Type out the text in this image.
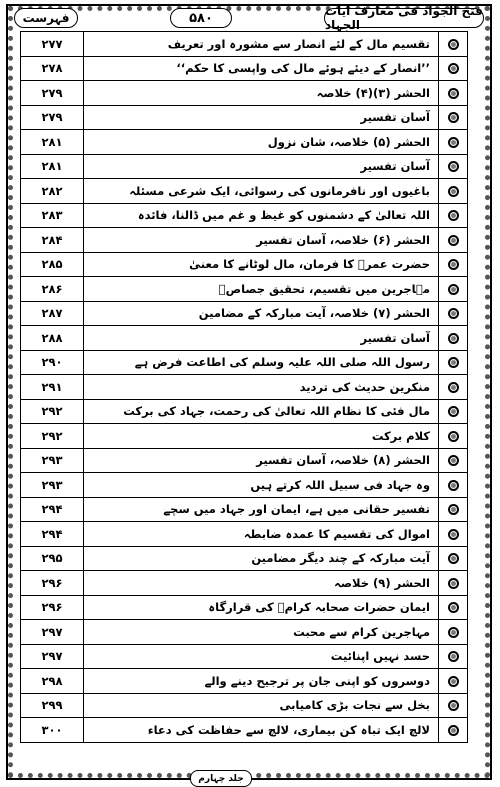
فہرست	۵۸۰	فتح الجواد فی معارف آیات الجہاد
۲۷۷	تقسیم مال کے لئے انصار سے مشورہ اور تعریف	
۲۷۸	’’انصار کے دیئے ہوئے مال کی واپسی کا حکم‘‘	
۲۷۹	الحشر (۳)(۴) خلاصہ	
۲۷۹	آسان تفسیر	
۲۸۱	الحشر (۵) خلاصہ، شان نزول	
۲۸۱	آسان تفسیر	
۲۸۲	باغیوں اور نافرمانوں کی رسوائی، ایک شرعی مسئلہ	
۲۸۳	اللہ تعالیٰ کے دشمنوں کو غیظ و غم میں ڈالنا، فائدہ	
۲۸۴	الحشر (۶) خلاصہ، آسان تفسیر	
۲۸۵	حضرت عمرؓ کا فرمان، مال لوٹانے کا معنیٰ	
۲۸۶	مہاجرین میں تقسیم، تحقیق جصاصؒ	
۲۸۷	الحشر (۷) خلاصہ، آیت مبارکہ کے مضامین	
۲۸۸	آسان تفسیر	
۲۹۰	رسول اللہ صلی اللہ علیہ وسلم کی اطاعت فرض ہے	
۲۹۱	منکرین حدیث کی تردید	
۲۹۲	مال فئی کا نظام اللہ تعالیٰ کی رحمت، جہاد کی برکت	
۲۹۲	کلام برکت	
۲۹۳	الحشر (۸) خلاصہ، آسان تفسیر	
۲۹۳	وہ جہاد فی سبیل اللہ کرتے ہیں	
۲۹۴	تفسیر حقانی میں ہے، ایمان اور جہاد میں سچے	
۲۹۴	اموال کی تقسیم کا عمدہ ضابطہ	
۲۹۵	آیت مبارکہ کے چند دیگر مضامین	
۲۹۶	الحشر (۹) خلاصہ	
۲۹۶	ایمان حضرات صحابہ کرامؓ کی قرارگاہ	
۲۹۷	مہاجرین کرام سے محبت	
۲۹۷	حسد نہیں اپنائیت	
۲۹۸	دوسروں کو اپنی جان پر ترجیح دینے والے	
۲۹۹	بخل سے نجات بڑی کامیابی	
۳۰۰	لالچ ایک تباہ کن بیماری، لالچ سے حفاظت کی دعاء	
جلد چہارم
